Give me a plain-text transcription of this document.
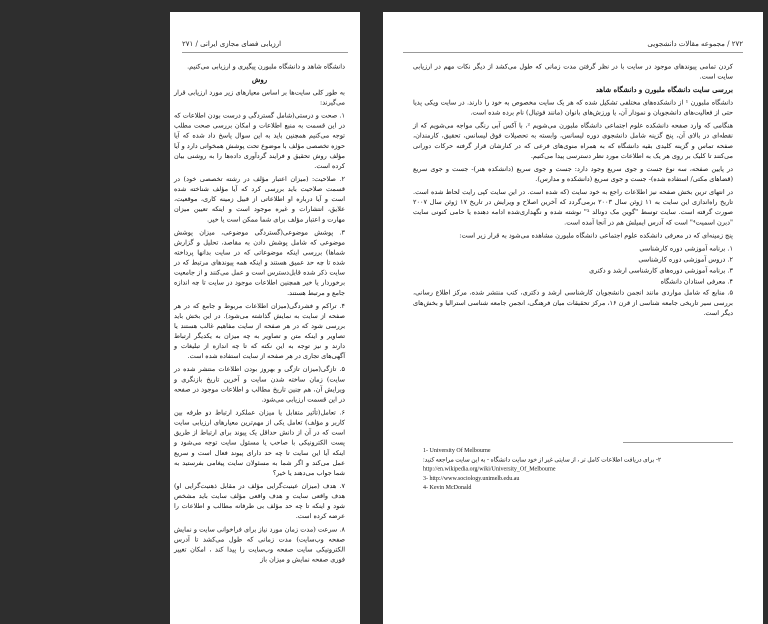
ارزیابی فضای مجازی ایرانی / ۲۷۱

دانشگاه شاهد و دانشگاه ملبورن پیگیری و ارزیابی می‌کنیم.

روش

به طور کلی سایت‌ها بر اساس معیارهای زیر مورد ارزیابی قرار می‌گیرند:

۱. صحت و درستی(شامل گستردگی و درست بودن اطلاعات که در این قسمت به منبع اطلاعات و امکان بررسی صحت مطلب توجه می‌کنیم همچنین باید به این سوال پاسخ داد شده که آیا حوزه تخصصی مؤلف با موضوع تحت پوشش همخوانی دارد و آیا مؤلف روش تحقیق و فرایند گردآوری داده‌ها را به روشنی بیان کرده است.

۲. صلاحیت: (میزان اعتبار مؤلف در رشته تخصصی خود) در قسمت صلاحیت باید بررسی کرد که آیا مؤلف شناخته شده است و آیا درباره او اطلاعاتی از قبیل زمینه کاری، موقعیت، علایق، انتشارات و غیره موجود است و اینکه تعیین میزان مهارت و اعتبار مؤلف برای شما ممکن است یا خیر.

۳. پوشش موضوعی(گستردگی موضوعی، میزان پوشش موضوعی که شامل پوشش دادن به مقاصد، تحلیل و گزارش شماها) بررسی اینکه موضوعاتی که در سایت بدانها پرداخته شده تا چه حد عمیق هستند و اینکه همه پیوندهای مرتبط که در سایت ذکر شده قابل‌دسترس است و عمل می‌کنند و از جامعیت برخوردار یا خیر همچنین اطلاعات موجود در سایت تا چه اندازه جامع و مرتبط هستند.

۴. تراکم و فشردگی(میزان اطلاعات مربوط و جامع که در هر صفحه از سایت به نمایش گذاشته می‌شود). در این بخش باید بررسی شود که در هر صفحه از سایت مفاهیم غالب هستند یا تصاویر و اینکه متن و تصاویر به چه میزان به یکدیگر ارتباط دارند و نیز توجه به این نکته که تا چه اندازه از تبلیغات و آگهی‌های تجاری در هر صفحه از سایت استفاده شده است.

۵. تازگی(میزان تازگی و بهروز بودن اطلاعات منتشر شده در سایت) زمان ساخته شدن سایت و آخرین تاریخ بازنگری و ویرایش آن، هم چنین تاریخ مطالب و اطلاعات موجود در صفحه در این قسمت ارزیابی می‌شود.

۶. تعامل(تأثیر متقابل یا میزان عملکرد ارتباط دو طرفه بین کاربر و مؤلف) تعامل یکی از مهم‌ترین معیارهای ارزیابی سایت است که در آن از دانش حداقل یک پیوند برای ارتباط از طریق پست الکترونیکی با صاحب یا مسئول سایت توجه می‌شود و اینکه آیا این سایت تا چه حد دارای پیوند فعال است و سریع عمل می‌کند و اگر شما به مسئولان سایت پیغامی بفرستید به شما جواب می‌دهند یا خیر؟

۷. هدف (میزان عینیت‌گرایی مؤلف در مقابل ذهنیت‌گرایی او) هدف واقعی سایت و هدف واقعی مؤلف سایت باید مشخص شود و اینکه تا چه حد مؤلف بی طرفانه مطالب و اطلاعات را عرضه کرده است.

۸. سرعت (مدت زمان مورد نیاز برای فراخوانی سایت و نمایش صفحه وب‌سایت) مدت زمانی که طول می‌کشد تا آدرس الکترونیکی سایت صفحه وب‌سایت را پیدا کند ، امکان تغییر فوری صفحه نمایش و میزان باز

۲۷۲ / مجموعه مقالات دانشجویی

کردن تمامی پیوندهای موجود در سایت با در نظر گرفتن مدت زمانی که طول می‌کشد از دیگر نکات مهم در ارزیابی سایت است.

بررسی سایت دانشگاه ملبورن و دانشگاه شاهد

دانشگاه ملبورن ¹ از دانشکده‌های مختلفی تشکیل شده که هر یک سایت مخصوص به خود را دارند. در سایت ویکی پدیا حتی از فعالیت‌های دانشجویان و نمودار آن، یا ورزش‌های بانوان (مانند فوتبال) نام برده شده است.

هنگامی که وارد صفحه دانشکده علوم اجتماعی دانشگاه ملبورن می‌شویم ²، با آکس آبی رنگی مواجه می‌شویم که از نقطه‌ای در بالای آن، پنج گزینه شامل دانشجوی دوره لیسانس، وابسته به تحصیلات فوق لیسانس، تحقیق، کارمندان، صفحه تماس و گزینه کلیدی بقیه دانشگاه که به همراه منوی‌های فرعی که در کنارشان قرار گرفته حرکات دورانی می‌کنند تا کلیک بر روی هر یک به اطلاعات مورد نظر دسترسی پیدا می‌کنیم.

در پایین صفحه، سه نوع جست و جوی سریع وجود دارد: جست و جوی سریع (دانشکده هنر)- جست و جوی سریع (قضاهای مکتی/ استفاده شده)- جست و جوی سریع (دانشکده و مدارس).

در انتهای ترین بخش صفحه نیز اطلاعات راجع به خود سایت (که شده است. در این سایت کپی رایت لحاظ شده است. تاریخ راه‌اندازی این سایت به ۱۱ ژوئن سال ۲۰۰۳ برمی‌گردد که آخرین اصلاح و ویرایش در تاریخ ۱۷ ژوئن سال ۲۰۰۷ صورت گرفته است. سایت توسط "گوین مک دونالد ³" نوشته شده و نگهداری‌شده ادامه دهنده یا حامی کنونی سایت "دبرن اسمیت⁴" است که آدرس ایمیلش هم در آنجا آمده است.

پنج زمینه‌ای که در معرفی دانشکده علوم اجتماعی دانشگاه ملبورن مشاهده می‌شود به قرار زیر است:

۱. برنامه آموزشی دوره کارشناسی

۲. دروس آموزشی دوره کارشناسی

۳. برنامه آموزشی دوره‌های کارشناسی ارشد و دکتری

۴. معرفی استادان دانشگاه

۵. منابع که شامل مواردی مانند انجمن دانشجویان کارشناسی ارشد و دکتری، کتب منتشر شده، مرکز اطلاع رسانی، بررسی سیر تاریخی جامعه شناسی از قرن ۱۶، مرکز تحقیقات میان فرهنگی، انجمن جامعه شناسی استرالیا و بخش‌های دیگر است.

1- University Of Melbourne
۲- برای دریافت اطلاعات کامل تر ، از سایتی غیر از خود سایت دانشگاه - به این سایت مراجعه کنید:
http://en.wikipedia.org/wiki/University_Of_Melbourne
3- http://www.sociology.unimelb.edu.au
4- Kevin McDonald
